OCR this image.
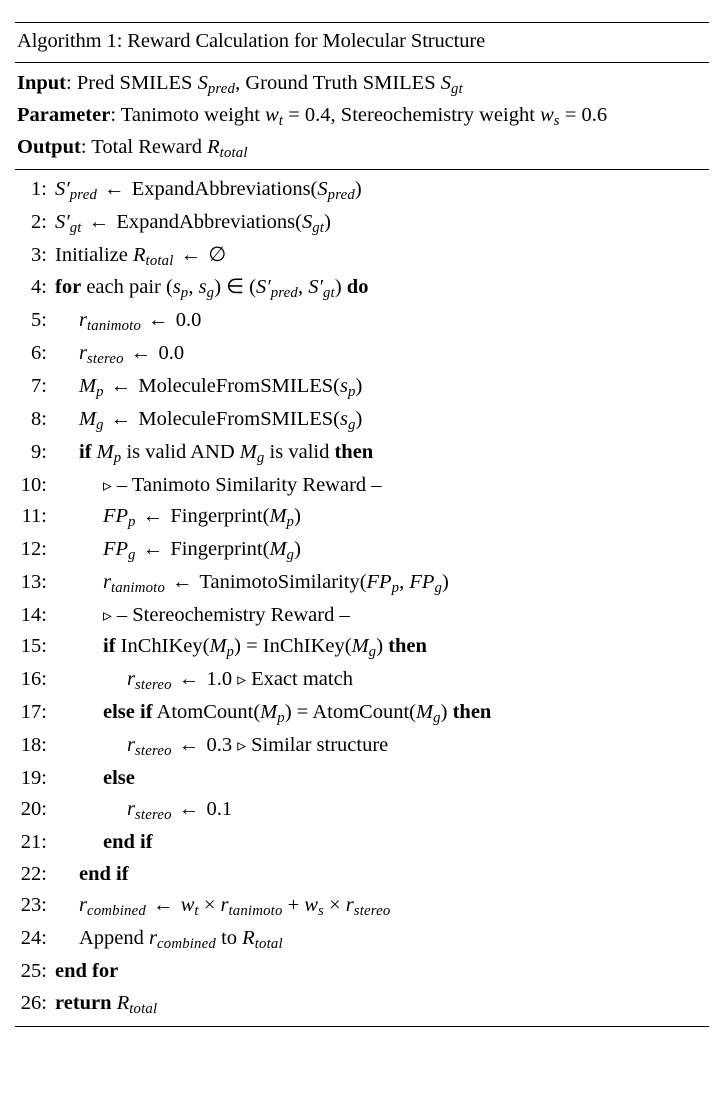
Algorithm 1: Reward Calculation for Molecular Structure
Input: Pred SMILES $S_{pred}$, Ground Truth SMILES $S_{gt}$
Parameter: Tanimoto weight $w_t = 0.4$, Stereochemistry weight $w_s = 0.6$
Output: Total Reward $R_{total}$
1: $S'_{pred}$ ← $ExpandAbbreviations(S_{pred})$
2: $S'_{gt}$ ← $ExpandAbbreviations(S_{gt})$
3: Initialize $R_{total}$ ← ∅
4: for each pair ($s_p$, $s_g$) ∈ ($S'_{pred}$, $S'_{gt}$) do
5:	$r_{tanimoto}$ ← 0.0
6:	$r_{stereo}$ ← 0.0
7:	$M_p$ ← $MoleculeFromSMILES(s_p)$
8:	$M_g$ ← $MoleculeFromSMILES(s_g)$
9:	if $M_p$ is valid AND $M_g$ is valid then
10:	▹ – Tanimoto Similarity Reward –
11:	$FP_p$ ← $Fingerprint(M_p)$
12:	$FP_g$ ← $Fingerprint(M_g)$
13:	$r_{tanimoto}$ ← $TanimotoSimilarity(FP_p$, $FP_g$)
14:	▹ – Stereochemistry Reward –
15:	if $InChIKey(M_p)$ = $InChIKey(M_g)$ then
16:	$r_{stereo}$ ← 1.0 ▹ Exact match
17:	else if $AtomCount(M_p)$ = $AtomCount(M_g)$ then
18:	$r_{stereo}$ ← 0.3 ▹ Similar structure
19:	else
20:	$r_{stereo}$ ← 0.1
21:	end if
22:	end if
23:	$r_{combined}$ ← $w_t \times r_{tanimoto} + w_s \times r_{stereo}$
24:	Append $r_{combined}$ to $R_{total}$
25: end for
26: return $R_{total}$
